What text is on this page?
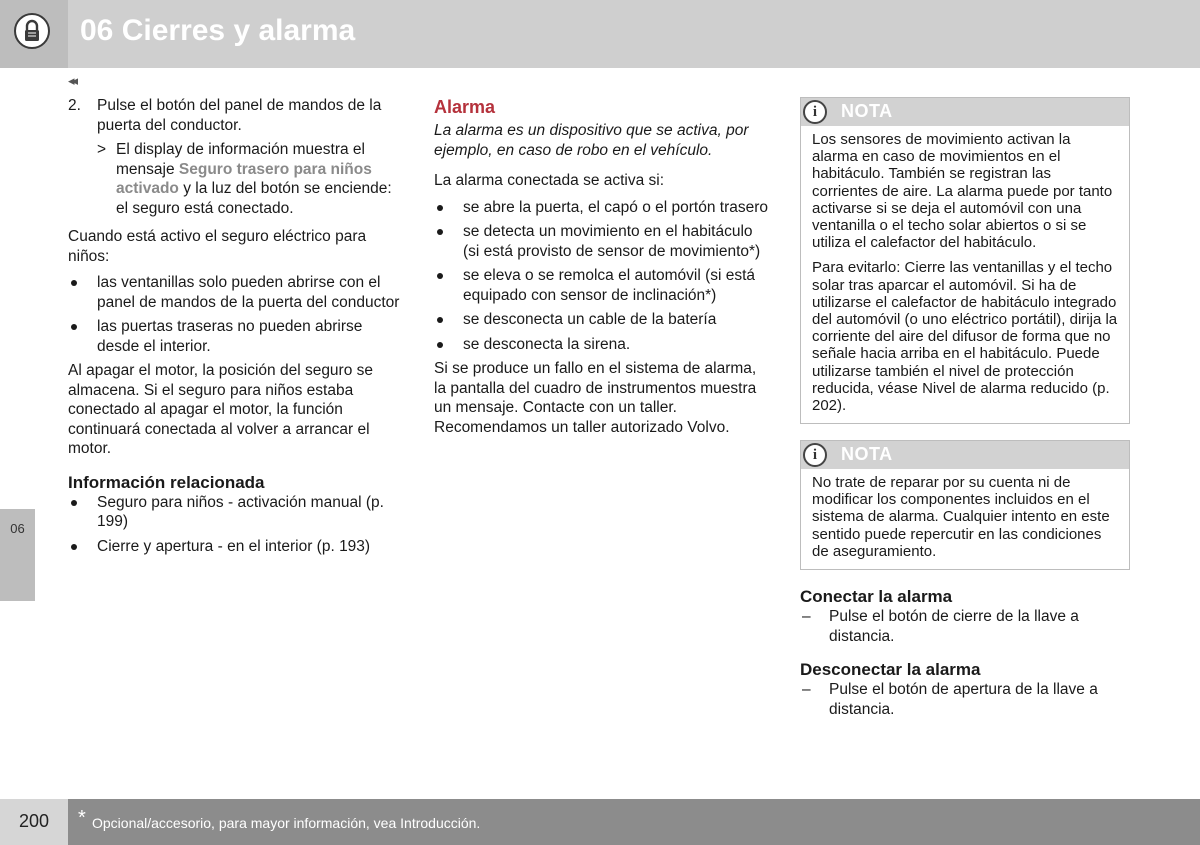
06 Cierres y alarma
◂◂
06
2. Pulse el botón del panel de mandos de la puerta del conductor.
> El display de información muestra el mensaje Seguro trasero para niños activado y la luz del botón se enciende: el seguro está conectado.

Cuando está activo el seguro eléctrico para niños:

las ventanillas solo pueden abrirse con el panel de mandos de la puerta del conductor
las puertas traseras no pueden abrirse desde el interior.

Al apagar el motor, la posición del seguro se almacena. Si el seguro para niños estaba conectado al apagar el motor, la función continuará conectada al volver a arrancar el motor.

Información relacionada

Seguro para niños - activación manual (p. 199)
Cierre y apertura - en el interior (p. 193)

Alarma

La alarma es un dispositivo que se activa, por ejemplo, en caso de robo en el vehículo.

La alarma conectada se activa si:

se abre la puerta, el capó o el portón trasero
se detecta un movimiento en el habitáculo (si está provisto de sensor de movimiento*)
se eleva o se remolca el automóvil (si está equipado con sensor de inclinación*)
se desconecta un cable de la batería
se desconecta la sirena.

Si se produce un fallo en el sistema de alarma, la pantalla del cuadro de instrumentos muestra un mensaje. Contacte con un taller. Recomendamos un taller autorizado Volvo.

i	NOTA

Los sensores de movimiento activan la alarma en caso de movimientos en el habitáculo. También se registran las corrientes de aire. La alarma puede por tanto activarse si se deja el automóvil con una ventanilla o el techo solar abiertos o si se utiliza el calefactor del habitáculo.

Para evitarlo: Cierre las ventanillas y el techo solar tras aparcar el automóvil. Si ha de utilizarse el calefactor de habitáculo integrado del automóvil (o uno eléctrico portátil), dirija la corriente del aire del difusor de forma que no señale hacia arriba en el habitáculo. Puede utilizarse también el nivel de protección reducida, véase Nivel de alarma reducido (p. 202).

i	NOTA

No trate de reparar por su cuenta ni de modificar los componentes incluidos en el sistema de alarma. Cualquier intento en este sentido puede repercutir en las condiciones de aseguramiento.

Conectar la alarma

– Pulse el botón de cierre de la llave a distancia.

Desconectar la alarma

– Pulse el botón de apertura de la llave a distancia.
200	* Opcional/accesorio, para mayor información, vea Introducción.
